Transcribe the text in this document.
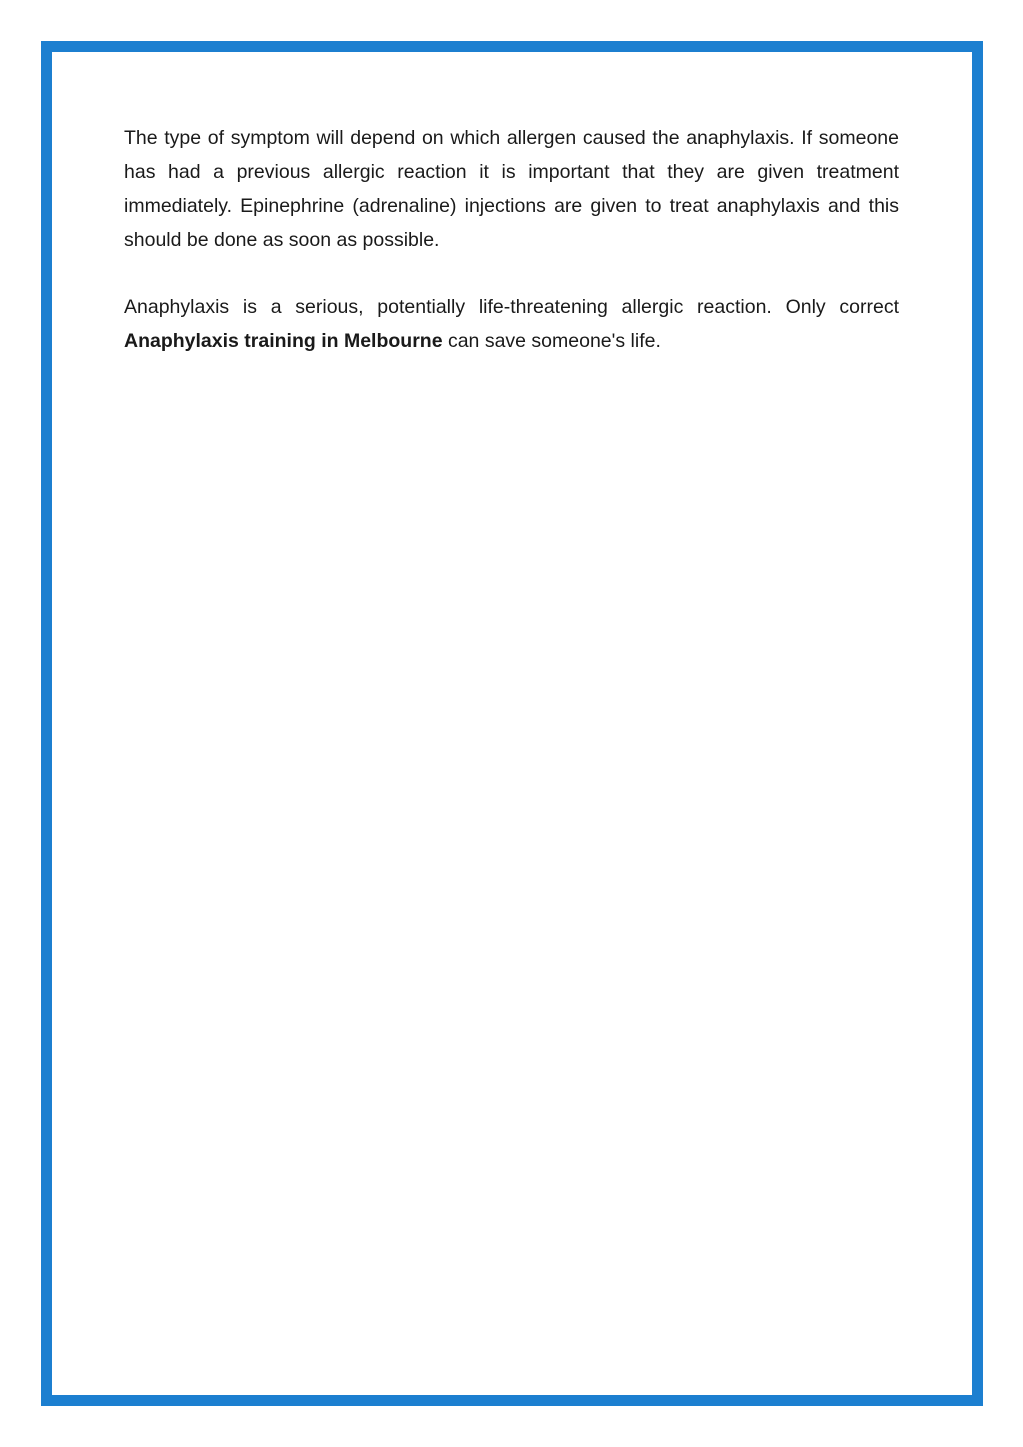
The type of symptom will depend on which allergen caused the anaphylaxis. If someone has had a previous allergic reaction it is important that they are given treatment immediately. Epinephrine (adrenaline) injections are given to treat anaphylaxis and this should be done as soon as possible.

Anaphylaxis is a serious, potentially life-threatening allergic reaction. Only correct Anaphylaxis training in Melbourne can save someone's life.
